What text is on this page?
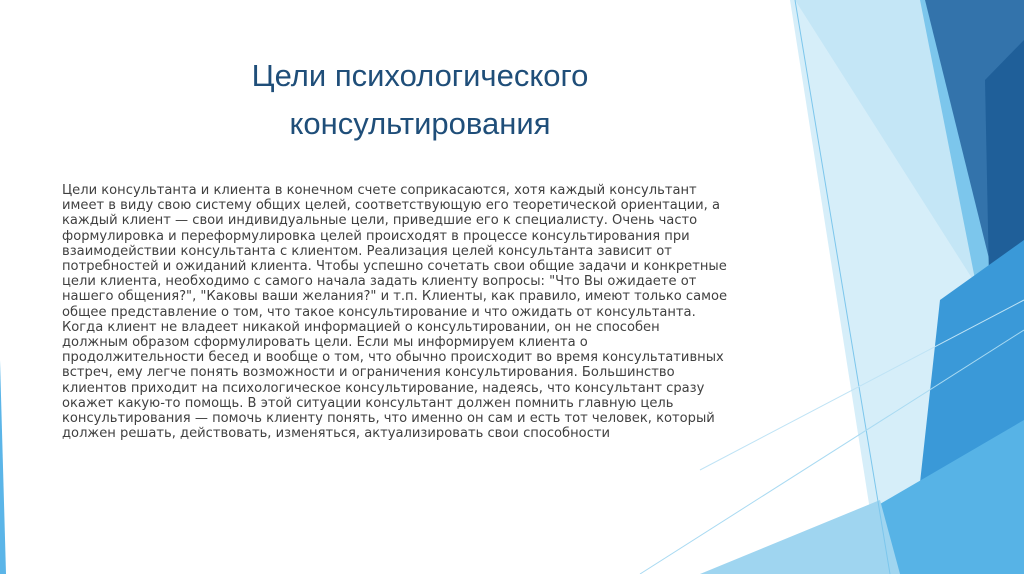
Цели психологического
консультирования
Цели консультанта и клиента в конечном счете соприкасаются, хотя каждый консультант
имеет в виду свою систему общих целей, соответствующую его теоретической ориентации, а
каждый клиент — свои индивидуальные цели, приведшие его к специалисту. Очень часто
формулировка и переформулировка целей происходят в процессе консультирования при
взаимодействии консультанта с клиентом. Реализация целей консультанта зависит от
потребностей и ожиданий клиента. Чтобы успешно сочетать свои общие задачи и конкретные
цели клиента, необходимо с самого начала задать клиенту вопросы: "Что Вы ожидаете от
нашего общения?", "Каковы ваши желания?" и т.п. Клиенты, как правило, имеют только самое
общее представление о том, что такое консультирование и что ожидать от консультанта.
Когда клиент не владеет никакой информацией о консультировании, он не способен
должным образом сформулировать цели. Если мы информируем клиента о
продолжительности бесед и вообще о том, что обычно происходит во время консультативных
встреч, ему легче понять возможности и ограничения консультирования. Большинство
клиентов приходит на психологическое консультирование, надеясь, что консультант сразу
окажет какую-то помощь. В этой ситуации консультант должен помнить главную цель
консультирования — помочь клиенту понять, что именно он сам и есть тот человек, который
должен решать, действовать, изменяться, актуализировать свои способности
